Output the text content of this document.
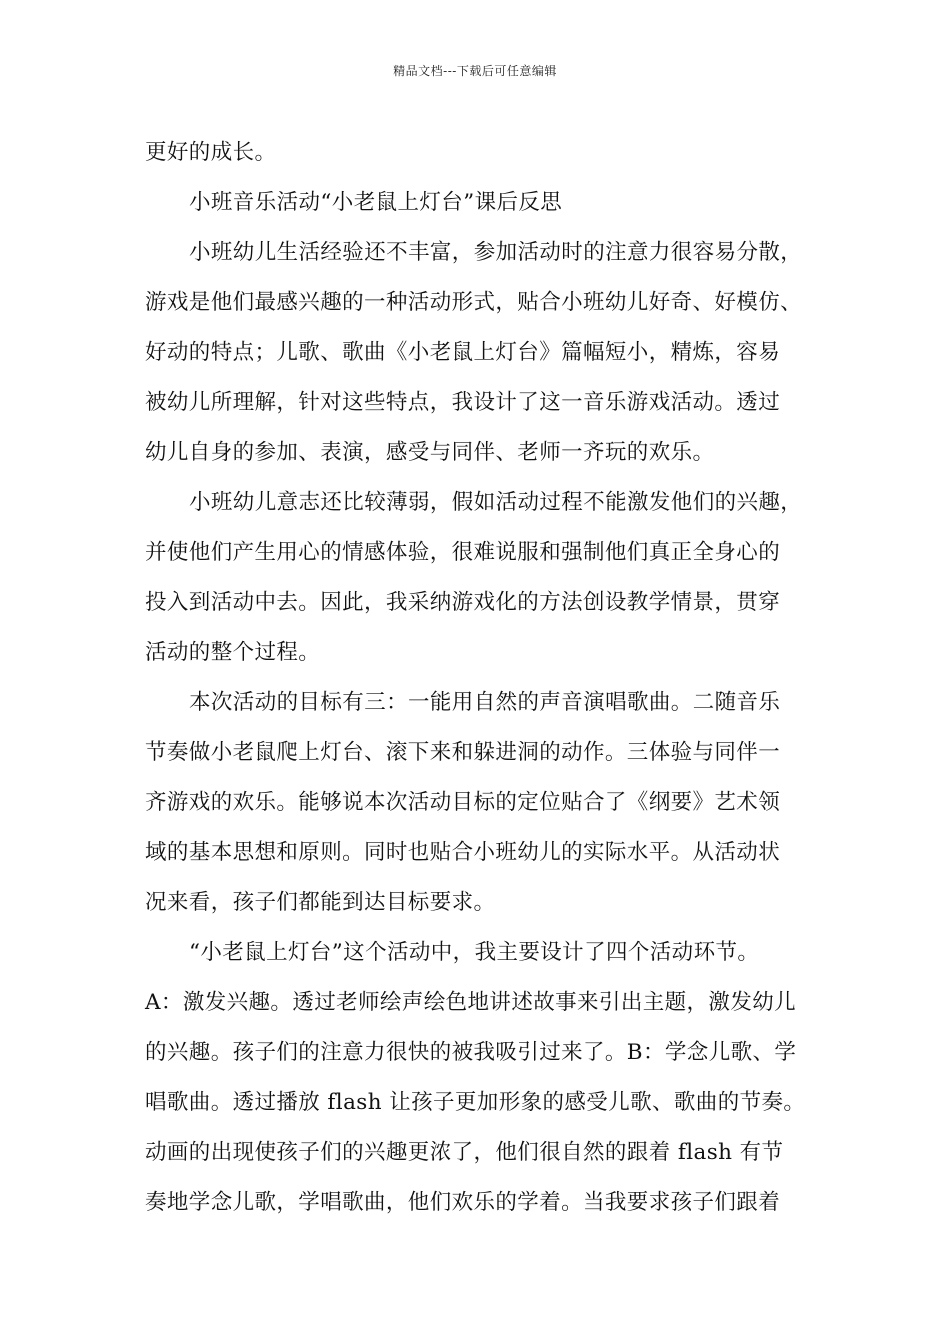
精品文档---下载后可任意编辑
更好的成长。
小班音乐活动“小老鼠上灯台”课后反思
小班幼儿生活经验还不丰富，参加活动时的注意力很容易分散，
游戏是他们最感兴趣的一种活动形式，贴合小班幼儿好奇、好模仿、
好动的特点；儿歌、歌曲《小老鼠上灯台》篇幅短小，精炼，容易
被幼儿所理解，针对这些特点，我设计了这一音乐游戏活动。透过
幼儿自身的参加、表演，感受与同伴、老师一齐玩的欢乐。
小班幼儿意志还比较薄弱，假如活动过程不能激发他们的兴趣，
并使他们产生用心的情感体验，很难说服和强制他们真正全身心的
投入到活动中去。因此，我采纳游戏化的方法创设教学情景，贯穿
活动的整个过程。
本次活动的目标有三：一能用自然的声音演唱歌曲。二随音乐
节奏做小老鼠爬上灯台、滚下来和躲进洞的动作。三体验与同伴一
齐游戏的欢乐。能够说本次活动目标的定位贴合了《纲要》艺术领
域的基本思想和原则。同时也贴合小班幼儿的实际水平。从活动状
况来看，孩子们都能到达目标要求。
“小老鼠上灯台”这个活动中，我主要设计了四个活动环节。
A：激发兴趣。透过老师绘声绘色地讲述故事来引出主题，激发幼儿
的兴趣。孩子们的注意力很快的被我吸引过来了。B：学念儿歌、学
唱歌曲。透过播放 flash 让孩子更加形象的感受儿歌、歌曲的节奏。
动画的出现使孩子们的兴趣更浓了，他们很自然的跟着 flash 有节
奏地学念儿歌，学唱歌曲，他们欢乐的学着。当我要求孩子们跟着
